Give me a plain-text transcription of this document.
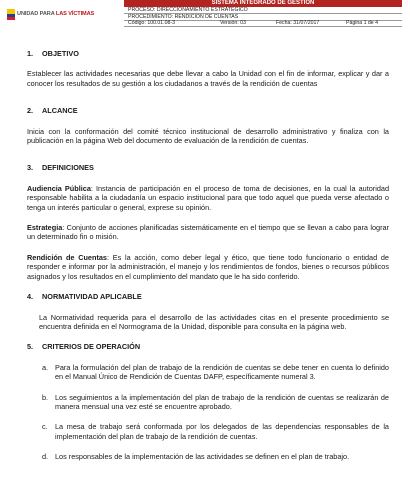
UNIDAD PARA LAS VÍCTIMAS
SISTEMA INTEGRADO DE GESTIÓN
PROCESO: DIRECCIONAMIENTO ESTRATÉGICO
PROCEDIMIENTO: RENDICIÓN DE CUENTAS
Código: 100.01.08-3	Versión: 03	Fecha: 31/07/2017	Página 1 de 4
1. OBJETIVO

Establecer las actividades necesarias que debe llevar a cabo la Unidad con el fin de informar, explicar y dar a conocer los resultados de su gestión a los ciudadanos a través de la rendición de cuentas

2. ALCANCE

Inicia con la conformación del comité técnico institucional de desarrollo administrativo y finaliza con la publicación en la página Web del documento de evaluación de la rendición de cuentas.

3. DEFINICIONES

Audiencia Pública: Instancia de participación en el proceso de toma de decisiones, en la cual la autoridad responsable habilita a la ciudadanía un espacio institucional para que todo aquel que pueda verse afectado o tenga un interés particular o general, exprese su opinión.

Estrategia: Conjunto de acciones planificadas sistemáticamente en el tiempo que se llevan a cabo para lograr un determinado fin o misión.

Rendición de Cuentas: Es la acción, como deber legal y ético, que tiene todo funcionario o entidad de responder e informar por la administración, el manejo y los rendimientos de fondos, bienes o recursos públicos asignados y los resultados en el cumplimiento del mandato que le ha sido conferido.

4. NORMATIVIDAD APLICABLE

La Normatividad requerida para el desarrollo de las actividades citas en el presente procedimiento se encuentra definida en el Normograma de la Unidad, disponible para consulta en la página web.

5. CRITERIOS DE OPERACIÓN
a. Para la formulación del plan de trabajo de la rendición de cuentas se debe tener en cuenta lo definido en el Manual Único de Rendición de Cuentas DAFP, específicamente numeral 3.
b. Los seguimientos a la implementación del plan de trabajo de la rendición de cuentas se realizarán de manera mensual una vez esté se encuentre aprobado.
c. La mesa de trabajo será conformada por los delegados de las dependencias responsables de la implementación del plan de trabajo de la rendición de cuentas.
d. Los responsables de la implementación de las actividades se definen en el plan de trabajo.
